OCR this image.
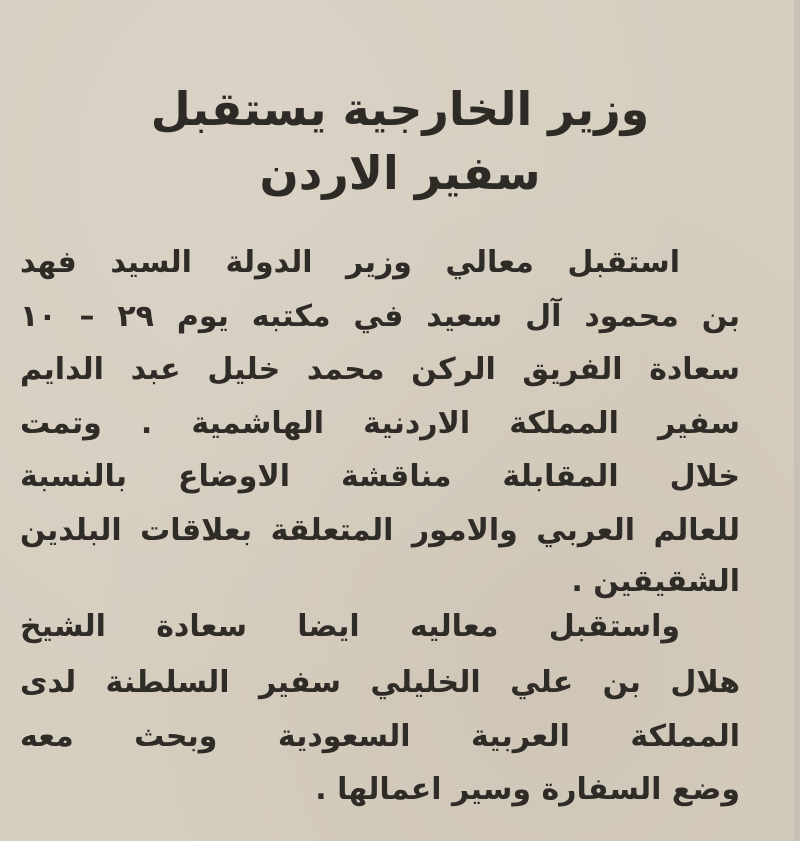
وزير الخارجية يستقبل
سفير الاردن
استقبل معالي وزير الدولة السيد فهد
بن محمود آل سعيد في مكتبه يوم ٢٩ – ١٠
سعادة الفريق الركن محمد خليل عبد الدايم
سفير المملكة الاردنية الهاشمية . وتمت
خلال المقابلة مناقشة الاوضاع بالنسبة
للعالم العربي والامور المتعلقة بعلاقات البلدين
الشقيقين .
واستقبل معاليه ايضا سعادة الشيخ
هلال بن علي الخليلي سفير السلطنة لدى
المملكة العربية السعودية وبحث معه
وضع السفارة وسير اعمالها .
